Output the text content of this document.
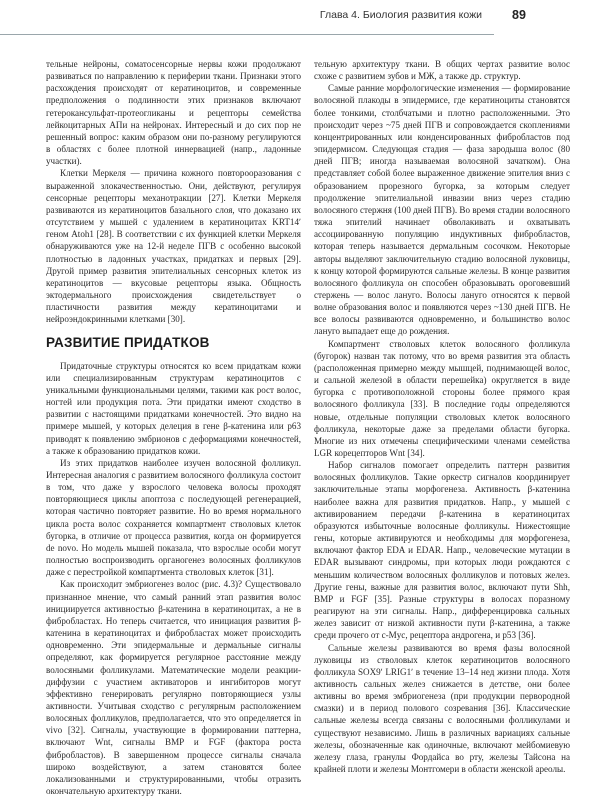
Глава 4. Биология развития кожи 89

тельные нейроны, соматосенсорные нервы кожи продолжают развиваться по направлению к периферии ткани. Признаки этого расхождения происходят от кератиноцитов, и современные предположения о подлинности этих признаков включают гетерокансульфат-протеогликаны и рецепторы семейства лейкоцитарных АПи на нейронах. Интересный и до сих пор не решенный вопрос: каким образом они по-разному регулируются в областях с более плотной иннервацией (напр., ладонные участки).

Клетки Меркеля — причина кожного повторооразования с выраженной злокачественностью. Они, действуют, регулируя сенсорные рецепторы механотракции [27]. Клетки Меркеля развиваются из кератиноцитов базального слоя, что доказано их отсутствием у мышей с удалением в кератиноцитах KRT14ʹ геном Atoh1 [28]. В соответствии с их функцией клетки Меркеля обнаруживаются уже на 12-й неделе ПГВ с особенно высокой плотностью в ладонных участках, придатках и первых [29]. Другой пример развития эпителиальных сенсорных клеток из кератиноцитов — вкусовые рецепторы языка. Общность эктодермального происхождения свидетельствует о пластичности развития между кератиноцитами и нейроэндокринными клетками [30].

РАЗВИТИЕ ПРИДАТКОВ

Придаточные структуры относятся ко всем придаткам кожи или специализированным структурам кератиноцитов с уникальными функциональными целями, такими как рост волос, ногтей или продукция пота. Эти придатки имеют сходство в развитии с настоящими придатками конечностей. Это видно на примере мышей, у которых делеция в гене β-катенина или p63 приводят к появлению эмбрионов с деформациями конечностей, а также к образованию придатков кожи.

Из этих придатков наиболее изучен волосяной фолликул. Интересная аналогия с развитием волосяного фолликула состоит в том, что даже у взрослого человека волосы проходят повторяющиеся циклы апоптоза с последующей регенерацией, которая частично повторяет развитие. Но во время нормального цикла роста волос сохраняется компартмент стволовых клеток бугорка, в отличие от процесса развития, когда он формируется de novo. Но модель мышей показала, что взрослые особи могут полностью воспроизводить органогенез волосяных фолликулов даже с перестройкой компартмента стволовых клеток [31].

Как происходит эмбриогенез волос (рис. 4.3)? Существовало признанное мнение, что самый ранний этап развития волос инициируется активностью β-катенина в кератиноцитах, а не в фибробластах. Но теперь считается, что инициация развития β-катенина в кератиноцитах и фибробластах может происходить одновременно. Эти эпидермальные и дермальные сигналы определяют, как формируется регулярное расстояние между волосяными фолликулами. Математические модели реакции-диффузии с участием активаторов и ингибиторов могут эффективно генерировать регулярно повторяющиеся узлы активности. Учитывая сходство с регулярным расположением волосяных фолликулов, предполагается, что это определяется in vivo [32]. Сигналы, участвующие в формировании паттерна, включают Wnt, сигналы BMP и FGF (фактора роста фибробластов). В завершенном процессе сигналы сначала широко воздействуют, а затем становятся более локализованными и структурированными, чтобы отразить окончательную архитектуру ткани.

тельную архитектуру ткани. В общих чертах развитие волос схоже с развитием зубов и МЖ, а также др. структур.

Самые ранние морфологические изменения — формирование волосяной плакоды в эпидермисе, где кератиноциты становятся более тонкими, столбчатыми и плотно расположенными. Это происходит через ~75 дней ПГВ и сопровождается скоплениями концентрированных или конденсированных фибробластов под эпидермисом. Следующая стадия — фаза зародыша волос (80 дней ПГВ; иногда называемая волосяной зачатком). Она представляет собой более выраженное движение эпителия вниз с образованием прорезного бугорка, за которым следует продолжение эпителиальной инвазии вниз через стадию волосяного стержня (100 дней ПГВ). Во время стадии волосяного тяжа эпителий начинает обволакивать и охватывать ассоциированную популяцию индуктивных фибробластов, которая теперь называется дермальным сосочком. Некоторые авторы выделяют заключительную стадию волосяной луковицы, к концу которой формируются сальные железы. В конце развития волосяного фолликула он способен образовывать ороговевший стержень — волос лануго. Волосы лануго относятся к первой волне образования волос и появляются через ~130 дней ПГВ. Не все волосы развиваются одновременно, и большинство волос лануго выпадает еще до рождения.

Компартмент стволовых клеток волосяного фолликула (бугорок) назван так потому, что во время развития эта область (расположенная примерно между мышцей, поднимающей волос, и сальной железой в области перешейка) округляется в виде бугорка с противоположной стороны более прямого края волосяного фолликула [33]. В последние годы определяются новые, отдельные популяции стволовых клеток волосяного фолликула, некоторые даже за пределами области бугорка. Многие из них отмечены специфическими членами семейства LGR корецепторов Wnt [34].

Набор сигналов помогает определить паттерн развития волосяных фолликулов. Такие оркестр сигналов координирует заключительные этапы морфогенеза. Активность β-катенина наиболее важна для развития придатков. Напр., у мышей с активированием передачи β-катенина в кератиноцитах образуются избыточные волосяные фолликулы. Нижестоящие гены, которые активируются и необходимы для морфогенеза, включают фактор EDA и EDAR. Напр., человеческие мутации в EDAR вызывают синдромы, при которых люди рождаются с меньшим количеством волосяных фолликулов и потовых желез. Другие гены, важные для развития волос, включают пути Shh, BMP и FGF [35]. Разные структуры в волосах поразному реагируют на эти сигналы. Напр., дифференцировка сальных желез зависит от низкой активности пути β-катенина, а также среди прочего от c-Myc, рецептора андрогена, и p53 [36].

Сальные железы развиваются во время фазы волосяной луковицы из стволовых клеток кератиноцитов волосяного фолликула SOX9ʹ LRIG1ʹ в течение 13–14 нед жизни плода. Хотя активность сальных желез снижается в детстве, они более активны во время эмбриогенеза (при продукции первородной смазки) и в период полового созревания [36]. Классические сальные железы всегда связаны с волосяными фолликулами и существуют независимо. Лишь в различных вариациях сальные железы, обозначенные как одиночные, включают мейбомиевую железу глаза, гранулы Фордайса во рту, железы Тайсона на крайней плоти и железы Монтгомери в области женской ареолы.
